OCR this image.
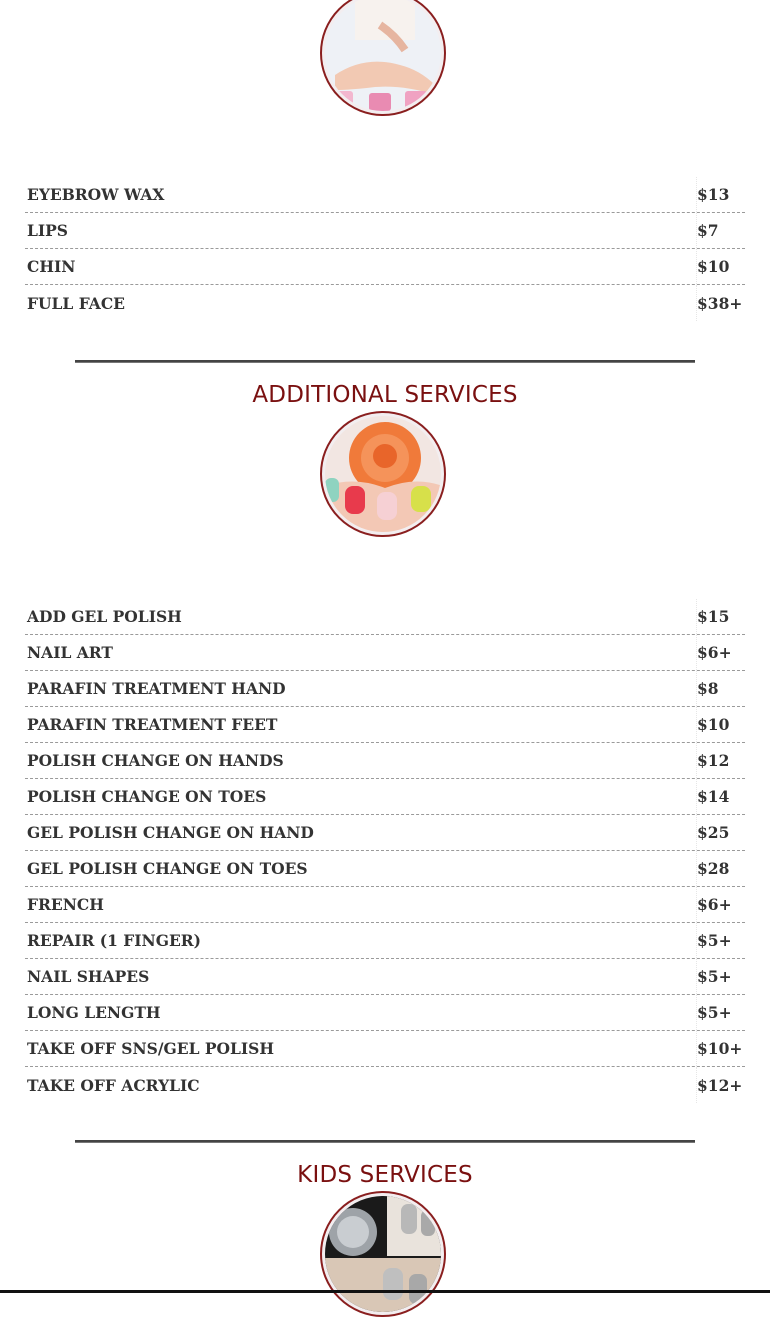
EYEBROW WAX	$13
LIPS	$7
CHIN	$10
FULL FACE	$38+
ADDITIONAL SERVICES
ADD GEL POLISH	$15
NAIL ART	$6+
PARAFIN TREATMENT HAND	$8
PARAFIN TREATMENT FEET	$10
POLISH CHANGE ON HANDS	$12
POLISH CHANGE ON TOES	$14
GEL POLISH CHANGE ON HAND	$25
GEL POLISH CHANGE ON TOES	$28
FRENCH	$6+
REPAIR (1 FINGER)	$5+
NAIL SHAPES	$5+
LONG LENGTH	$5+
TAKE OFF SNS/GEL POLISH	$10+
TAKE OFF ACRYLIC	$12+
KIDS SERVICES
